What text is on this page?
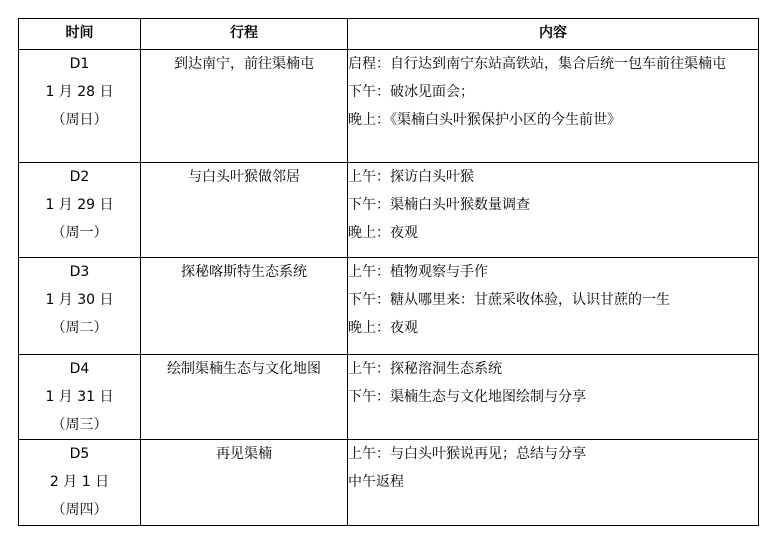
时间	行程	内容

D1
1 月 28 日
（周日）	到达南宁，前往渠楠屯	启程：自行达到南宁东站高铁站，集合后统一包车前往渠楠屯
下午：破冰见面会；
晚上：《渠楠白头叶猴保护小区的今生前世》

D2
1 月 29 日
（周一）	与白头叶猴做邻居	上午：探访白头叶猴
下午：渠楠白头叶猴数量调查
晚上：夜观

D3
1 月 30 日
（周二）	探秘喀斯特生态系统	上午：植物观察与手作
下午：糖从哪里来：甘蔗采收体验，认识甘蔗的一生
晚上：夜观

D4
1 月 31 日
（周三）	绘制渠楠生态与文化地图	上午：探秘溶洞生态系统
下午：渠楠生态与文化地图绘制与分享

D5
2 月 1 日
（周四）	再见渠楠	上午：与白头叶猴说再见；总结与分享
中午返程
